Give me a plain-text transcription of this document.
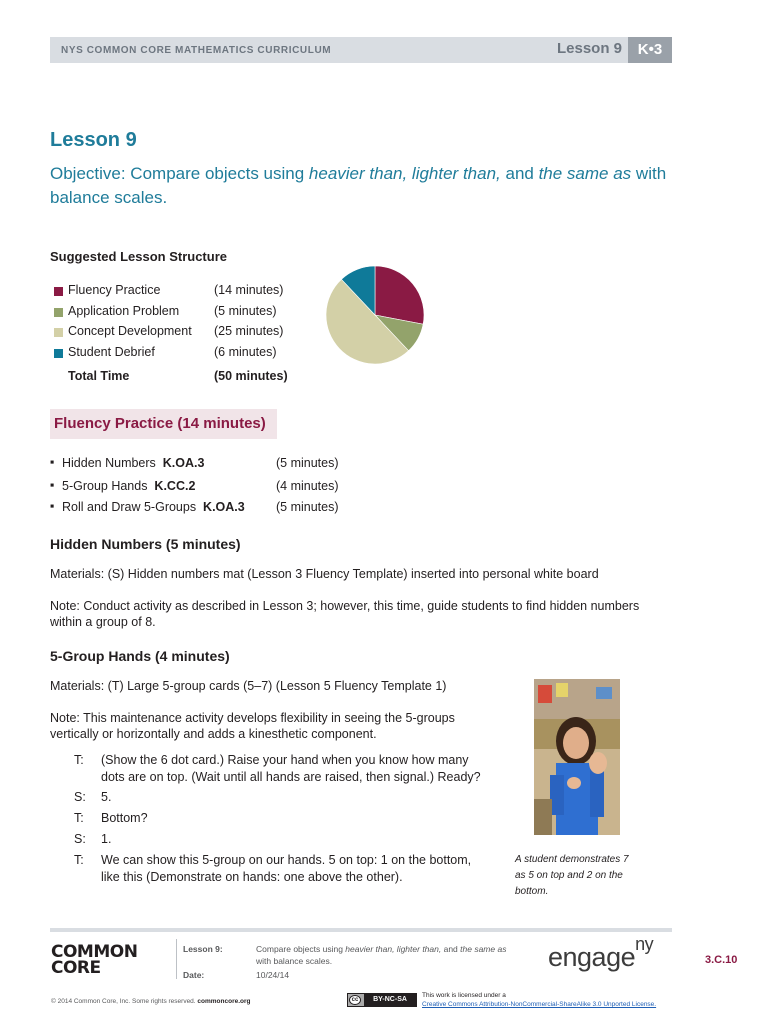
NYS COMMON CORE MATHEMATICS CURRICULUM	Lesson 9	K•3
Lesson 9
Objective: Compare objects using heavier than, lighter than, and the same as with balance scales.
Suggested Lesson Structure
Fluency Practice	(14 minutes)
Application Problem	(5 minutes)
Concept Development (25 minutes)
Student Debrief	(6 minutes)
Total Time	(50 minutes)
Fluency Practice (14 minutes)
▪ Hidden Numbers K.OA.3	(5 minutes)
▪ 5-Group Hands K.CC.2	(4 minutes)
▪ Roll and Draw 5-Groups K.OA.3	(5 minutes)
Hidden Numbers (5 minutes)
Materials: (S) Hidden numbers mat (Lesson 3 Fluency Template) inserted into personal white board
Note: Conduct activity as described in Lesson 3; however, this time, guide students to find hidden numbers
within a group of 8.
5-Group Hands (4 minutes)
Materials: (T) Large 5-group cards (5–7) (Lesson 5 Fluency Template 1)
Note: This maintenance activity develops flexibility in seeing the 5-groups
vertically or horizontally and adds a kinesthetic component.
T: (Show the 6 dot card.) Raise your hand when you know how many
dots are on top. (Wait until all hands are raised, then signal.) Ready?
S: 5.
T: Bottom?
S: 1.
T: We can show this 5-group on our hands. 5 on top: 1 on the bottom,
like this (Demonstrate on hands: one above the other).
A student demonstrates 7
as 5 on top and 2 on the
bottom.
COMMON
CORE
Lesson 9:
Date:
Compare objects using heavier than, lighter than, and the same as
with balance scales.
10/24/14
engage$^{ny}$
3.C.10
© 2014 Common Core, Inc. Some rights reserved. commoncore.org	cc	BY-NC-SA
This work is licensed under a
Creative Commons Attribution-NonCommercial-ShareAlike 3.0 Unported License.
